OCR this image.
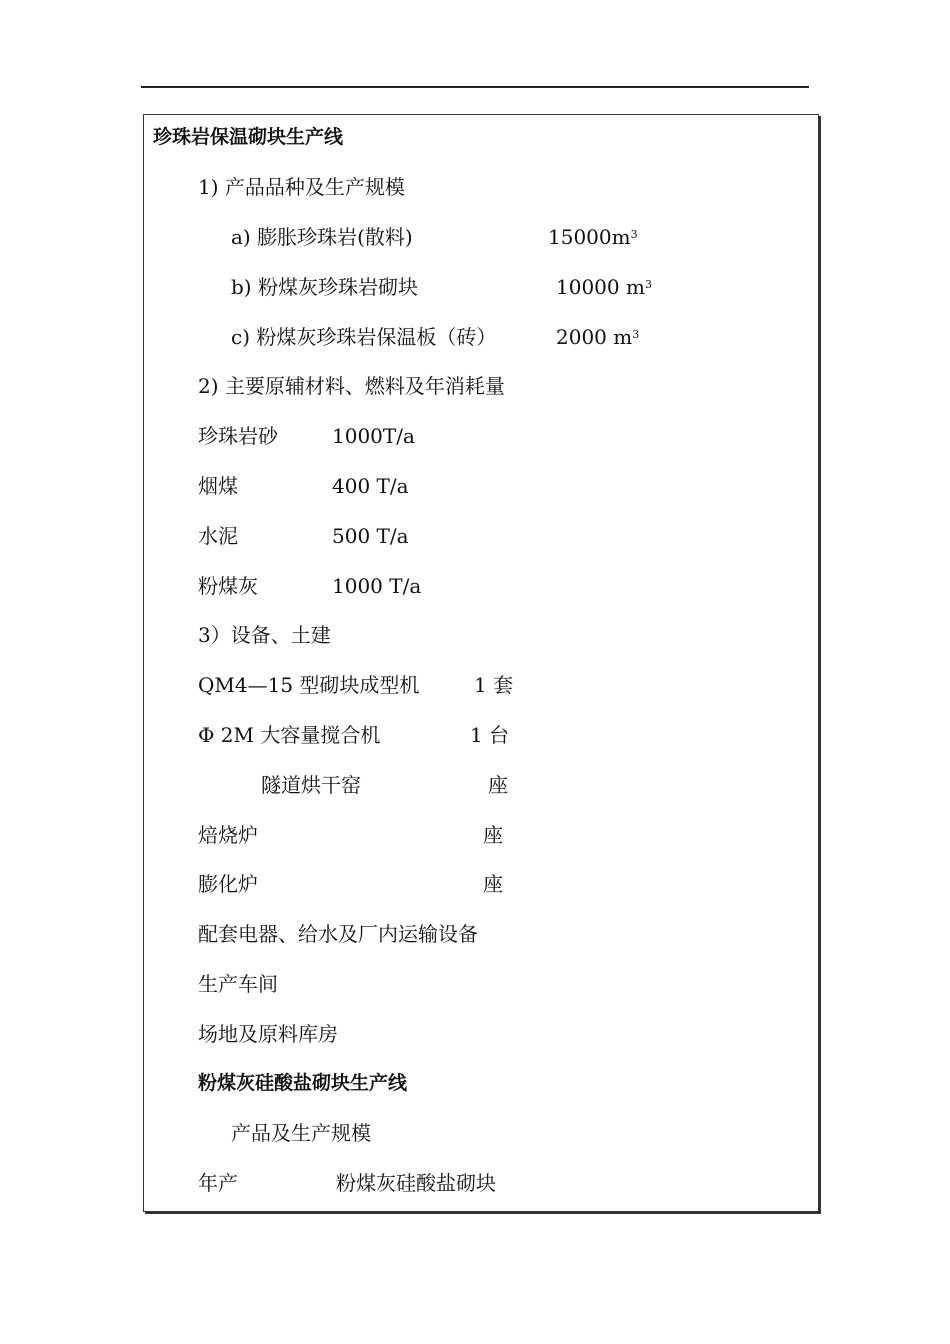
珍珠岩保温砌块生产线
1) 产品品种及生产规模
a) 膨胀珍珠岩(散料)	$15000m^3$
b) 粉煤灰珍珠岩砌块	10000 $m^3$
c) 粉煤灰珍珠岩保温板（砖）	2000 $m^3$
2) 主要原辅材料、燃料及年消耗量
珍珠岩砂	1000T/a
烟煤	400 T/a
水泥	500 T/a
粉煤灰	1000 T/a
3）设备、土建
QM4—15 型砌块成型机	1 套
Φ 2M 大容量搅合机	1 台
隧道烘干窑	座
焙烧炉	座
膨化炉	座
配套电器、给水及厂内运输设备
生产车间
场地及原料库房
粉煤灰硅酸盐砌块生产线
产品及生产规模
年产	粉煤灰硅酸盐砌块
